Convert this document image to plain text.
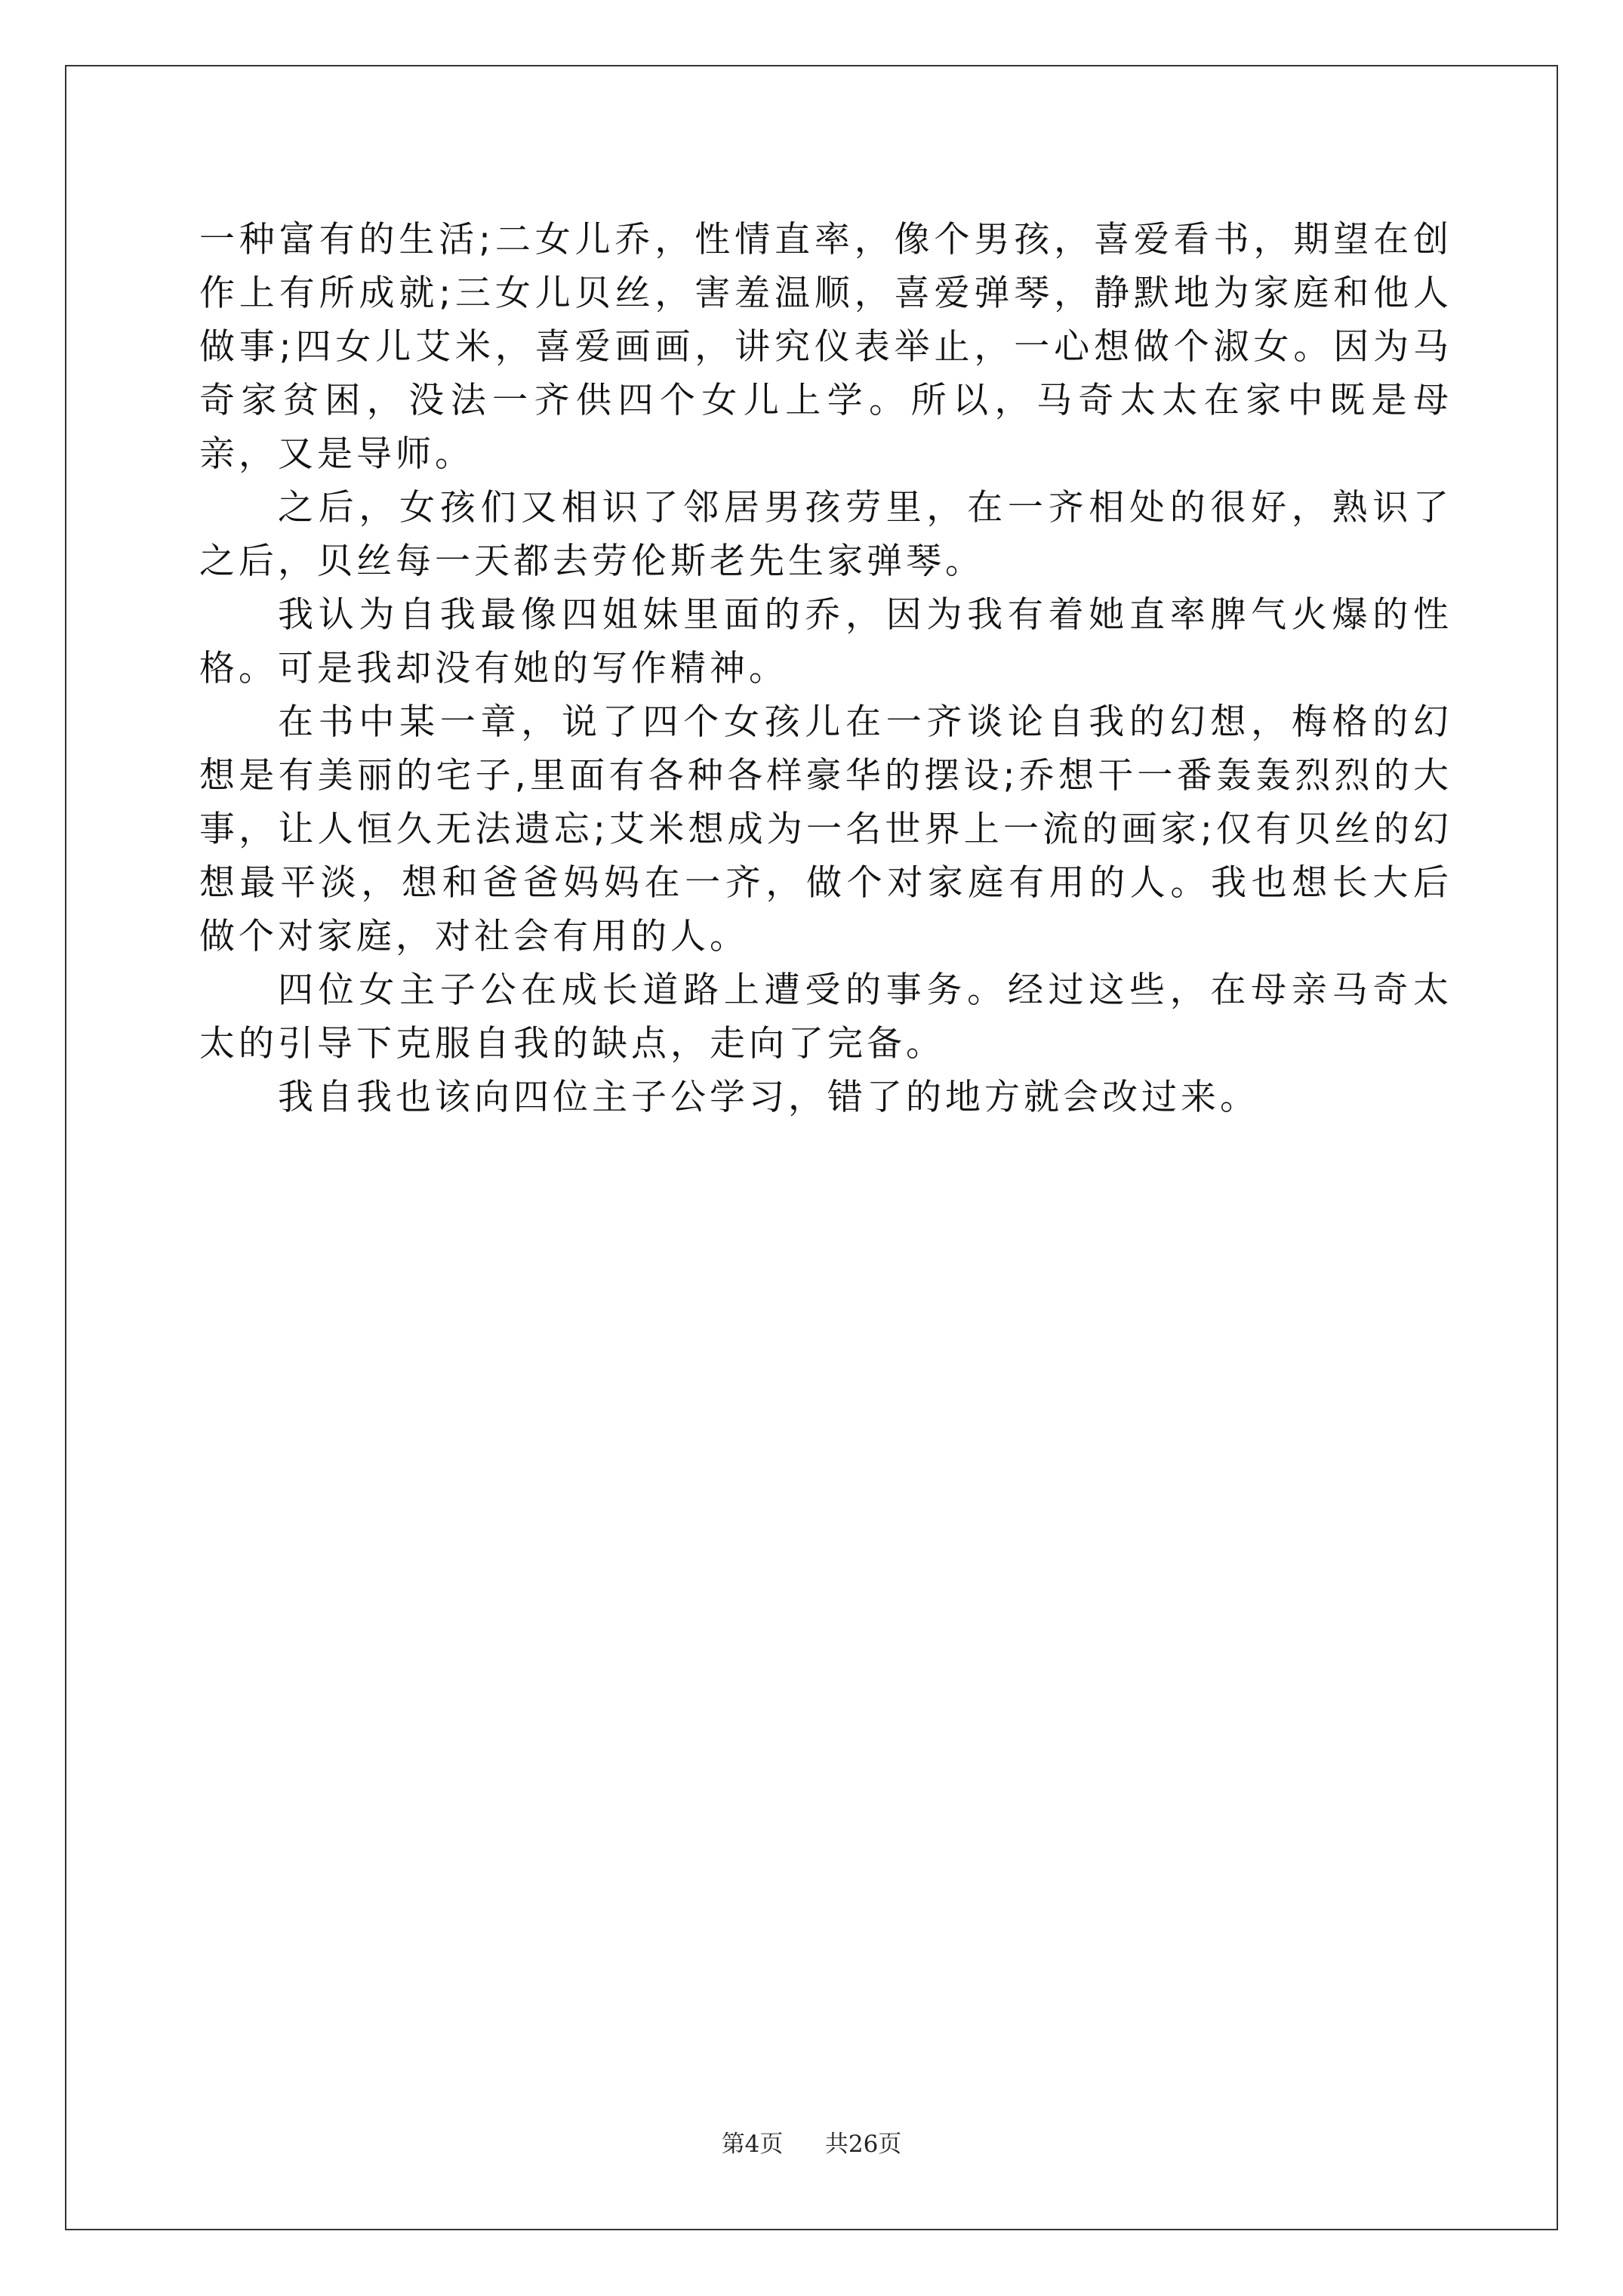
一种富有的生活;二女儿乔，性情直率，像个男孩，喜爱看书，期望在创作上有所成就;三女儿贝丝，害羞温顺，喜爱弹琴，静默地为家庭和他人做事;四女儿艾米，喜爱画画，讲究仪表举止，一心想做个淑女。因为马奇家贫困，没法一齐供四个女儿上学。所以，马奇太太在家中既是母亲，又是导师。

之后，女孩们又相识了邻居男孩劳里，在一齐相处的很好，熟识了之后，贝丝每一天都去劳伦斯老先生家弹琴。

我认为自我最像四姐妹里面的乔，因为我有着她直率脾气火爆的性格。可是我却没有她的写作精神。

在书中某一章，说了四个女孩儿在一齐谈论自我的幻想，梅格的幻想是有美丽的宅子,里面有各种各样豪华的摆设;乔想干一番轰轰烈烈的大事，让人恒久无法遗忘;艾米想成为一名世界上一流的画家;仅有贝丝的幻想最平淡，想和爸爸妈妈在一齐，做个对家庭有用的人。我也想长大后做个对家庭，对社会有用的人。

四位女主子公在成长道路上遭受的事务。经过这些，在母亲马奇太太的引导下克服自我的缺点，走向了完备。

我自我也该向四位主子公学习，错了的地方就会改过来。

第4页 共26页
